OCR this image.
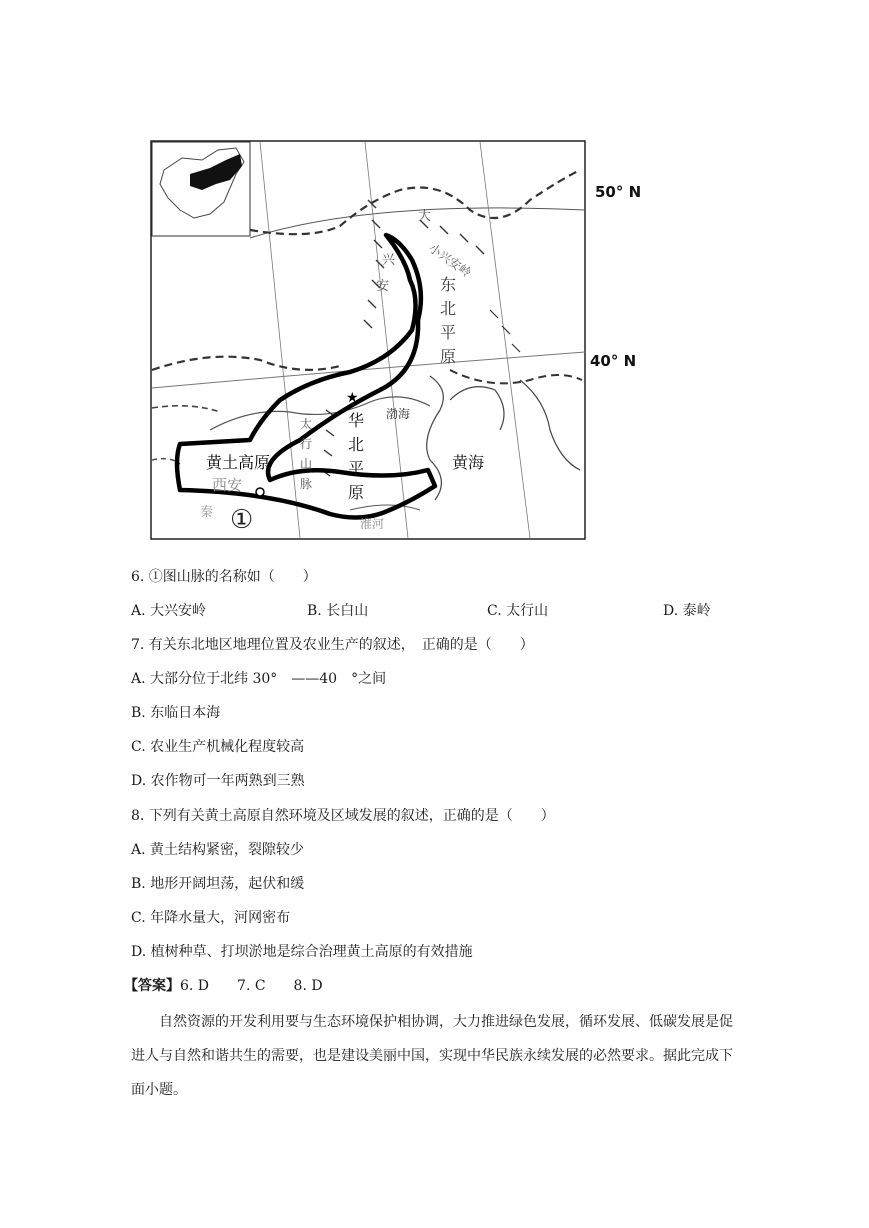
★
大
兴
安
小兴安岭
东
北
平
原
太
行
山
脉
华
北
平
原
渤海
黄海
黄土高原
西安
秦
淮河
①
50° N
40° N
6. ①图山脉的名称如（　　）
A. 大兴安岭	B. 长白山	C. 太行山	D. 泰岭
7. 有关东北地区地理位置及农业生产的叙述，　正确的是（　　）
A. 大部分位于北纬 30°　——40　°之间
B. 东临日本海
C. 农业生产机械化程度较高
D. 农作物可一年两熟到三熟
8. 下列有关黄土高原自然环境及区域发展的叙述，正确的是（　　）
A. 黄土结构紧密，裂隙较少
B. 地形开阔坦荡，起伏和缓
C. 年降水量大，河网密布
D. 植树种草、打坝淤地是综合治理黄土高原的有效措施
【答案】6. D　　7. C　　8. D
自然资源的开发利用要与生态环境保护相协调，大力推进绿色发展，循环发展、低碳发展是促进人与自然和谐共生的需要，也是建设美丽中国，实现中华民族永续发展的必然要求。据此完成下面小题。
